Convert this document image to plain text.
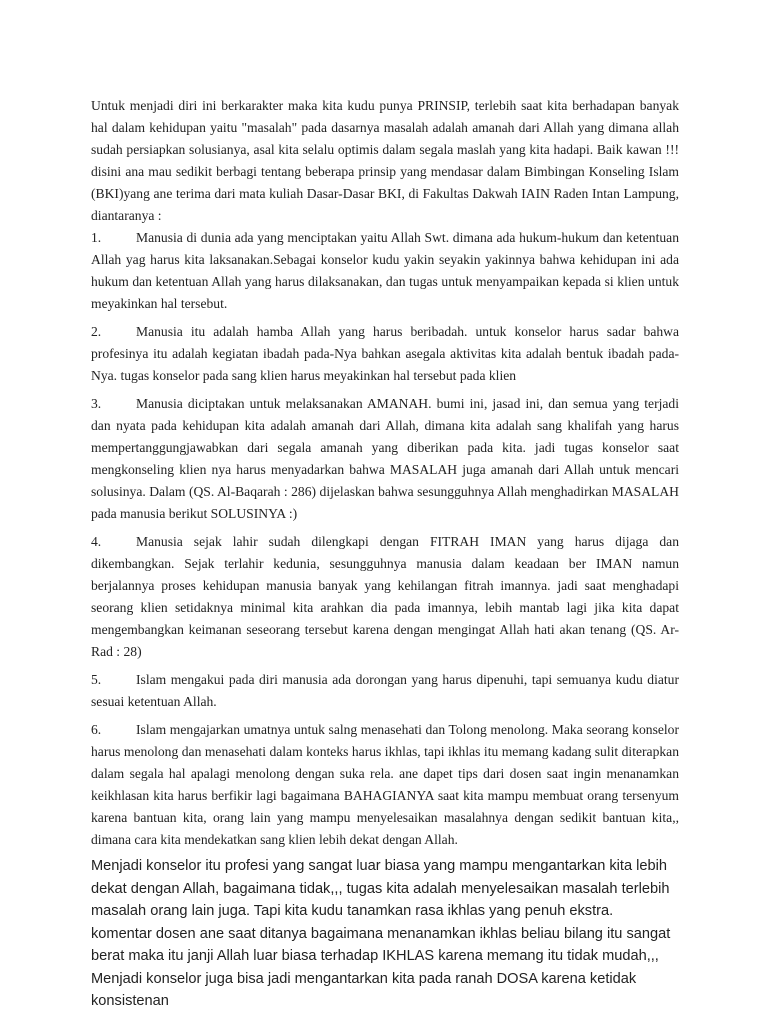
Untuk menjadi diri ini berkarakter maka kita kudu punya PRINSIP, terlebih saat kita berhadapan banyak hal dalam kehidupan yaitu "masalah" pada dasarnya masalah adalah amanah dari Allah yang dimana allah sudah persiapkan solusianya, asal kita selalu optimis dalam segala maslah yang kita hadapi. Baik kawan !!! disini ana mau sedikit berbagi tentang beberapa prinsip yang mendasar dalam Bimbingan Konseling Islam (BKI)yang ane terima dari mata kuliah Dasar-Dasar BKI, di Fakultas Dakwah IAIN Raden Intan Lampung, diantaranya :

1.	Manusia di dunia ada yang menciptakan yaitu Allah Swt. dimana ada hukum-hukum dan ketentuan Allah yag harus kita laksanakan.Sebagai konselor kudu yakin seyakin yakinnya bahwa kehidupan ini ada hukum dan ketentuan Allah yang harus dilaksanakan, dan tugas untuk menyampaikan kepada si klien untuk meyakinkan hal tersebut.
2.	Manusia itu adalah hamba Allah yang harus beribadah. untuk konselor harus sadar bahwa profesinya itu adalah kegiatan ibadah pada-Nya bahkan asegala aktivitas kita adalah bentuk ibadah pada-Nya. tugas konselor pada sang klien harus meyakinkan hal tersebut pada klien
3.	Manusia diciptakan untuk melaksanakan AMANAH. bumi ini, jasad ini, dan semua yang terjadi dan nyata pada kehidupan kita adalah amanah dari Allah, dimana kita adalah sang khalifah yang harus mempertanggungjawabkan dari segala amanah yang diberikan pada kita. jadi tugas konselor saat mengkonseling klien nya harus menyadarkan bahwa MASALAH juga amanah dari Allah untuk mencari solusinya. Dalam (QS. Al-Baqarah : 286) dijelaskan bahwa sesungguhnya Allah menghadirkan MASALAH pada manusia berikut SOLUSINYA :)
4.	Manusia sejak lahir sudah dilengkapi dengan FITRAH IMAN yang harus dijaga dan dikembangkan. Sejak terlahir kedunia, sesungguhnya manusia dalam keadaan ber IMAN namun berjalannya proses kehidupan manusia banyak yang kehilangan fitrah imannya. jadi saat menghadapi seorang klien setidaknya minimal kita arahkan dia pada imannya, lebih mantab lagi jika kita dapat mengembangkan keimanan seseorang tersebut karena dengan mengingat Allah hati akan tenang (QS. Ar-Rad : 28)
5.	Islam mengakui pada diri manusia ada dorongan yang harus dipenuhi, tapi semuanya kudu diatur sesuai ketentuan Allah.
6.	Islam mengajarkan umatnya untuk salng menasehati dan Tolong menolong. Maka seorang konselor harus menolong dan menasehati dalam konteks harus ikhlas, tapi ikhlas itu memang kadang sulit diterapkan dalam segala hal apalagi menolong dengan suka rela. ane dapet tips dari dosen saat ingin menanamkan keikhlasan kita harus berfikir lagi bagaimana BAHAGIANYA saat kita mampu membuat orang tersenyum karena bantuan kita, orang lain yang mampu menyelesaikan masalahnya dengan sedikit bantuan kita,, dimana cara kita mendekatkan sang klien lebih dekat dengan Allah.

Menjadi konselor itu profesi yang sangat luar biasa yang mampu mengantarkan kita lebih dekat dengan Allah, bagaimana tidak,,, tugas kita adalah menyelesaikan masalah terlebih masalah orang lain juga. Tapi kita kudu tanamkan rasa ikhlas yang penuh ekstra. komentar dosen ane saat ditanya bagaimana menanamkan ikhlas beliau bilang itu sangat berat maka itu janji Allah luar biasa terhadap IKHLAS karena memang itu tidak mudah,,,

Menjadi konselor juga bisa jadi mengantarkan kita pada ranah DOSA karena ketidak konsistenan
